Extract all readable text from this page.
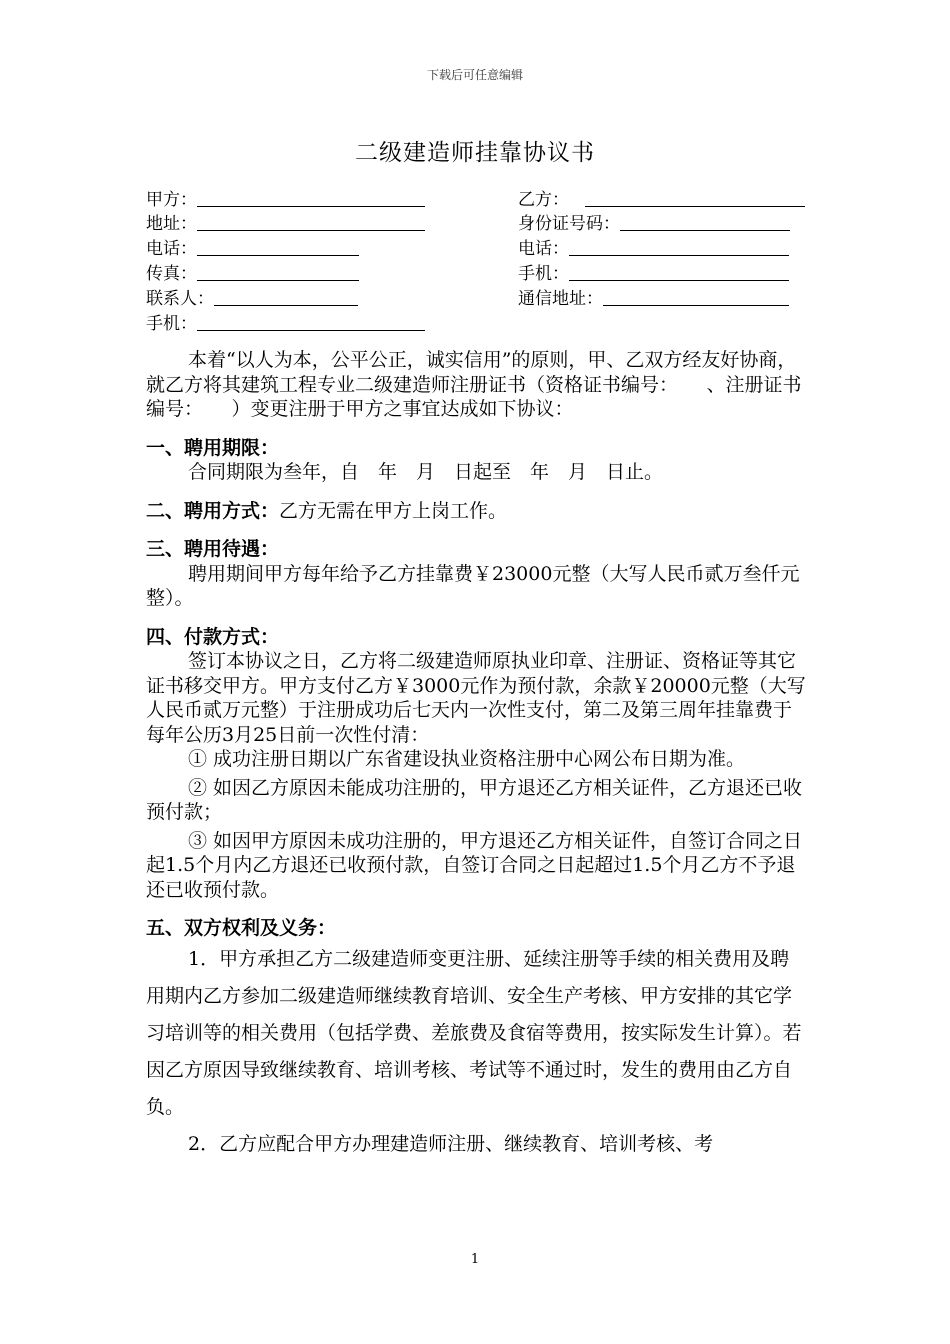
下载后可任意编辑
二级建造师挂靠协议书
甲方：
地址：
电话：
传真：
联系人：
手机：
乙方：
身份证号码：
电话：
手机：
通信地址：

本着“以人为本，公平公正，诚实信用”的原则，甲、乙双方经友好协商，就乙方将其建筑工程专业二级建造师注册证书（资格证书编号：　　、注册证书编号：　　）变更注册于甲方之事宜达成如下协议：

一、聘用期限：

合同期限为叁年，自　年　月　日起至　年　月　日止。

二、聘用方式：乙方无需在甲方上岗工作。

三、聘用待遇：

聘用期间甲方每年给予乙方挂靠费￥23000元整（大写人民币贰万叁仟元整）。

四、付款方式：

签订本协议之日，乙方将二级建造师原执业印章、注册证、资格证等其它证书移交甲方。甲方支付乙方￥3000元作为预付款，余款￥20000元整（大写人民币贰万元整）于注册成功后七天内一次性支付，第二及第三周年挂靠费于每年公历3月25日前一次性付清：

① 成功注册日期以广东省建设执业资格注册中心网公布日期为准。

② 如因乙方原因未能成功注册的，甲方退还乙方相关证件，乙方退还已收预付款；

③ 如因甲方原因未成功注册的，甲方退还乙方相关证件，自签订合同之日起1.5个月内乙方退还已收预付款，自签订合同之日起超过1.5个月乙方不予退还已收预付款。

五、双方权利及义务：

1．甲方承担乙方二级建造师变更注册、延续注册等手续的相关费用及聘用期内乙方参加二级建造师继续教育培训、安全生产考核、甲方安排的其它学习培训等的相关费用（包括学费、差旅费及食宿等费用，按实际发生计算）。若因乙方原因导致继续教育、培训考核、考试等不通过时，发生的费用由乙方自负。

2．乙方应配合甲方办理建造师注册、继续教育、培训考核、考

1
